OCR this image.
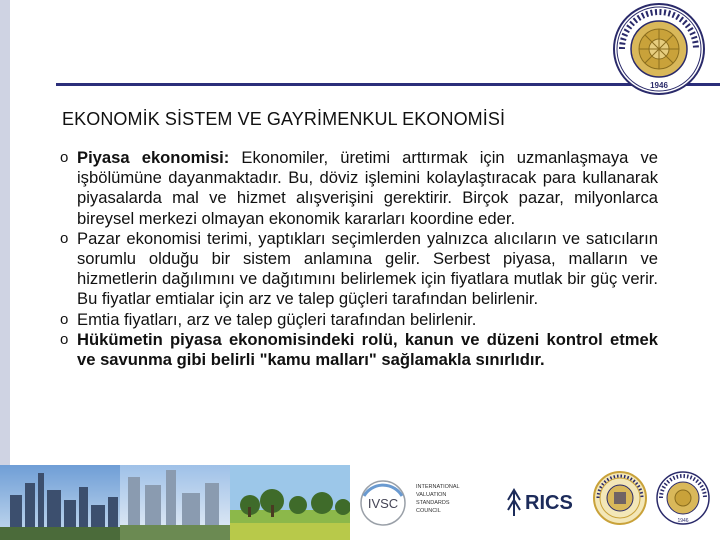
1946
EKONOMİK SİSTEM VE GAYRİMENKUL EKONOMİSİ
o Piyasa ekonomisi: Ekonomiler, üretimi arttırmak için uzmanlaşmaya ve işbölümüne dayanmaktadır. Bu, döviz işlemini kolaylaştıracak para kullanarak piyasalarda mal ve hizmet alışverişini gerektirir. Birçok pazar, milyonlarca bireysel merkezi olmayan ekonomik kararları koordine eder.
o Pazar ekonomisi terimi, yaptıkları seçimlerden yalnızca alıcıların ve satıcıların sorumlu olduğu bir sistem anlamına gelir. Serbest piyasa, malların ve hizmetlerin dağılımını ve dağıtımını belirlemek için fiyatlara mutlak bir güç verir. Bu fiyatlar emtialar için arz ve talep güçleri tarafından belirlenir.
o Emtia fiyatları, arz ve talep güçleri tarafından belirlenir.
o Hükümetin piyasa ekonomisindeki rolü, kanun ve düzeni kontrol etmek ve savunma gibi belirli "kamu malları" sağlamakla sınırlıdır.
IVSC
INTERNATIONAL
VALUATION
STANDARDS
COUNCIL	RICS
1946
